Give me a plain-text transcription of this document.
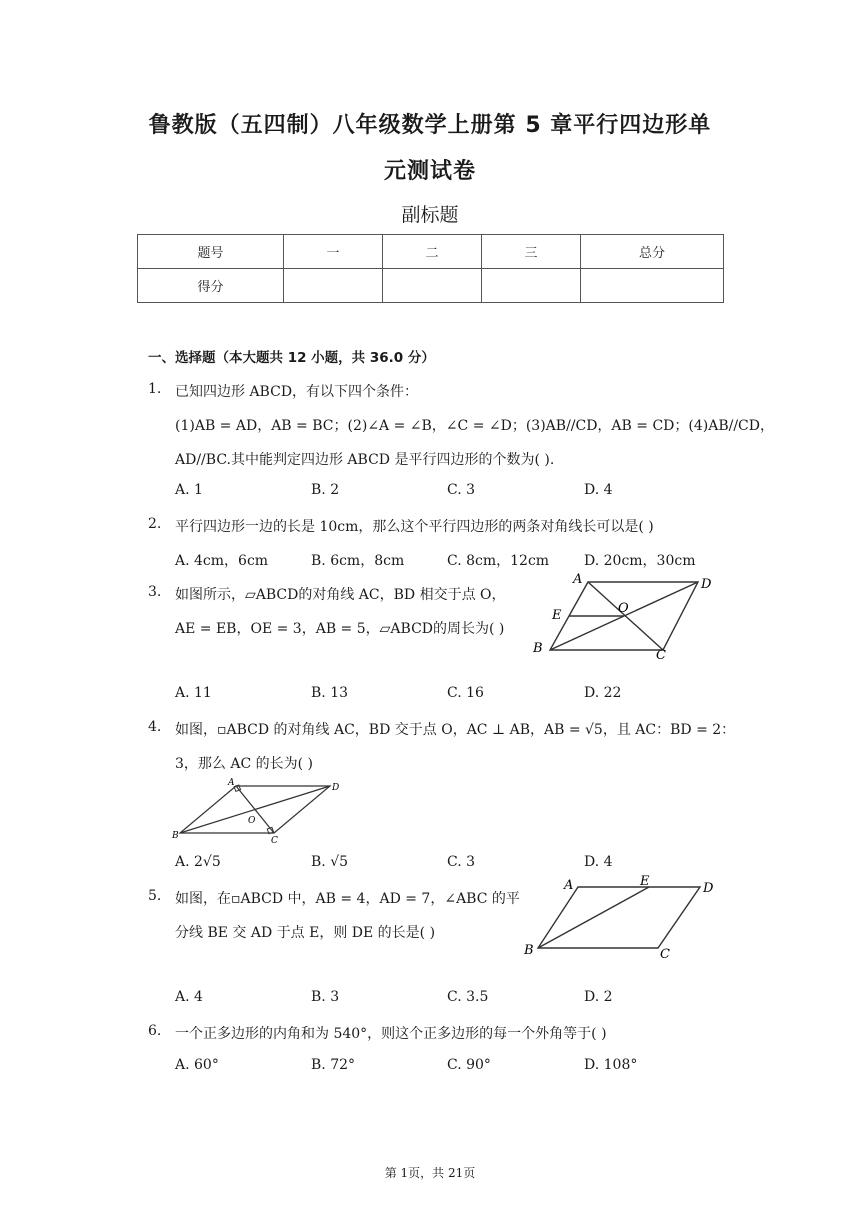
鲁教版（五四制）八年级数学上册第 5 章平行四边形单
元测试卷
副标题
题号	一	二	三	总分
得分				
一、选择题（本大题共 12 小题，共 36.0 分）
1. 已知四边形 ABCD，有以下四个条件：
(1)AB = AD，AB = BC；(2)∠A = ∠B，∠C = ∠D；(3)AB//CD，AB = CD；(4)AB//CD，
AD//BC.其中能判定四边形 ABCD 是平行四边形的个数为( ).
A. 1	B. 2	C. 3	D. 4
2. 平行四边形一边的长是 10cm，那么这个平行四边形的两条对角线长可以是( )
A. 4cm，6cm	B. 6cm，8cm	C. 8cm，12cm D. 20cm，30cm
3. 如图所示，▱ABCD的对角线 AC，BD 相交于点 O，
AE = EB，OE = 3，AB = 5，▱ABCD的周长为( )
A	D
E	O
B	C
A. 11	B. 13	C. 16	D. 22
4. 如图，▫ABCD 的对角线 AC，BD 交于点 O，AC ⊥ AB，AB = √5，且 AC：BD = 2：
3，那么 AC 的长为( )
A	D
O
B	C
A. 2√5	B. √5	C. 3	D. 4
5. 如图，在▫ABCD 中，AB = 4，AD = 7，∠ABC 的平
分线 BE 交 AD 于点 E，则 DE 的长是( )
A	E	D
B	C
A. 4	B. 3	C. 3.5	D. 2
6. 一个正多边形的内角和为 540°，则这个正多边形的每一个外角等于( )
A. 60°	B. 72°	C. 90°	D. 108°
第 1页，共 21页
